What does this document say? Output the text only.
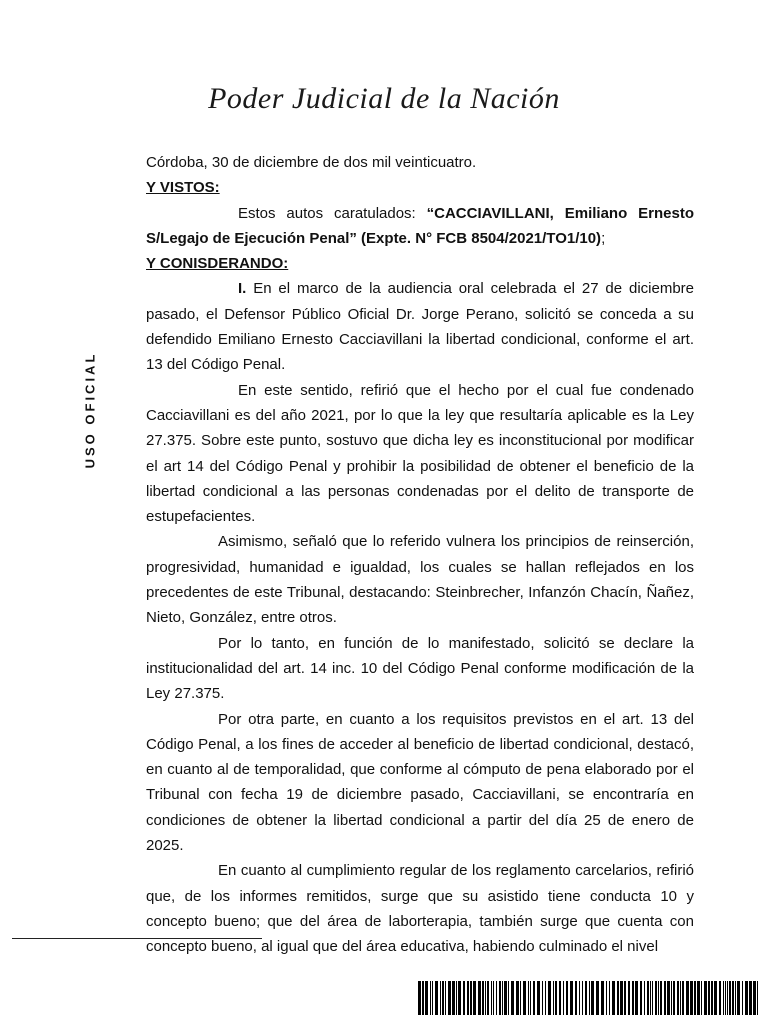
Poder Judicial de la Nación
USO OFICIAL

Córdoba, 30 de diciembre de dos mil veinticuatro.

Y VISTOS:

Estos autos caratulados: “CACCIAVILLANI, Emiliano Ernesto S/Legajo de Ejecución Penal” (Expte. N° FCB 8504/2021/TO1/10);

Y CONISDERANDO:

I. En el marco de la audiencia oral celebrada el 27 de diciembre pasado, el Defensor Público Oficial Dr. Jorge Perano, solicitó se conceda a su defendido Emiliano Ernesto Cacciavillani la libertad condicional, conforme el art. 13 del Código Penal.

En este sentido, refirió que el hecho por el cual fue condenado Cacciavillani es del año 2021, por lo que la ley que resultaría aplicable es la Ley 27.375. Sobre este punto, sostuvo que dicha ley es inconstitucional por modificar el art 14 del Código Penal y prohibir la posibilidad de obtener el beneficio de la libertad condicional a las personas condenadas por el delito de transporte de estupefacientes.

Asimismo, señaló que lo referido vulnera los principios de reinserción, progresividad, humanidad e igualdad, los cuales se hallan reflejados en los precedentes de este Tribunal, destacando: Steinbrecher, Infanzón Chacín, Ñañez, Nieto, González, entre otros.

Por lo tanto, en función de lo manifestado, solicitó se declare la institucionalidad del art. 14 inc. 10 del Código Penal conforme modificación de la Ley 27.375.

Por otra parte, en cuanto a los requisitos previstos en el art. 13 del Código Penal, a los fines de acceder al beneficio de libertad condicional, destacó, en cuanto al de temporalidad, que conforme al cómputo de pena elaborado por el Tribunal con fecha 19 de diciembre pasado, Cacciavillani, se encontraría en condiciones de obtener la libertad condicional a partir del día 25 de enero de 2025.

En cuanto al cumplimiento regular de los reglamento carcelarios, refirió que, de los informes remitidos, surge que su asistido tiene conducta 10 y concepto bueno; que del área de laborterapia, también surge que cuenta con concepto bueno, al igual que del área educativa, habiendo culminado el nivel
